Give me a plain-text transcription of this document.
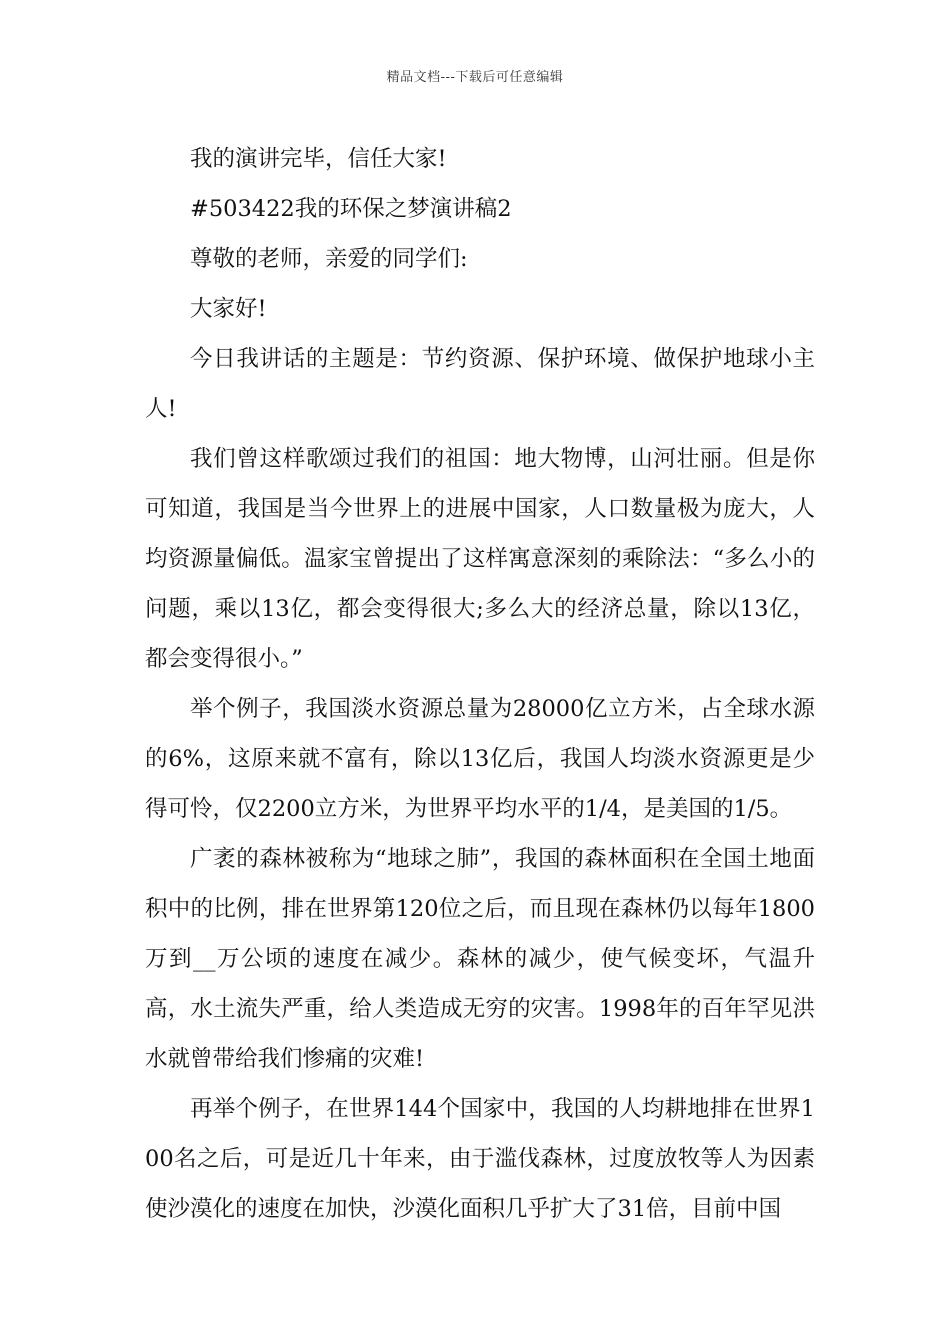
精品文档---下载后可任意编辑

我的演讲完毕，信任大家!

#503422我的环保之梦演讲稿2

尊敬的老师，亲爱的同学们:

大家好!

今日我讲话的主题是：节约资源、保护环境、做保护地球小主人!

我们曾这样歌颂过我们的祖国：地大物博，山河壮丽。但是你可知道，我国是当今世界上的进展中国家，人口数量极为庞大，人均资源量偏低。温家宝曾提出了这样寓意深刻的乘除法：“多么小的问题，乘以13亿，都会变得很大;多么大的经济总量，除以13亿，都会变得很小。”

举个例子，我国淡水资源总量为28000亿立方米，占全球水源的6%，这原来就不富有，除以13亿后，我国人均淡水资源更是少得可怜，仅2200立方米，为世界平均水平的1/4，是美国的1/5。

广袤的森林被称为“地球之肺”，我国的森林面积在全国土地面积中的比例，排在世界第120位之后，而且现在森林仍以每年1800万到__万公顷的速度在减少。森林的减少，使气候变坏，气温升高，水土流失严重，给人类造成无穷的灾害。1998年的百年罕见洪水就曾带给我们惨痛的灾难!

再举个例子，在世界144个国家中，我国的人均耕地排在世界100名之后，可是近几十年来，由于滥伐森林，过度放牧等人为因素使沙漠化的速度在加快，沙漠化面积几乎扩大了31倍，目前中国
